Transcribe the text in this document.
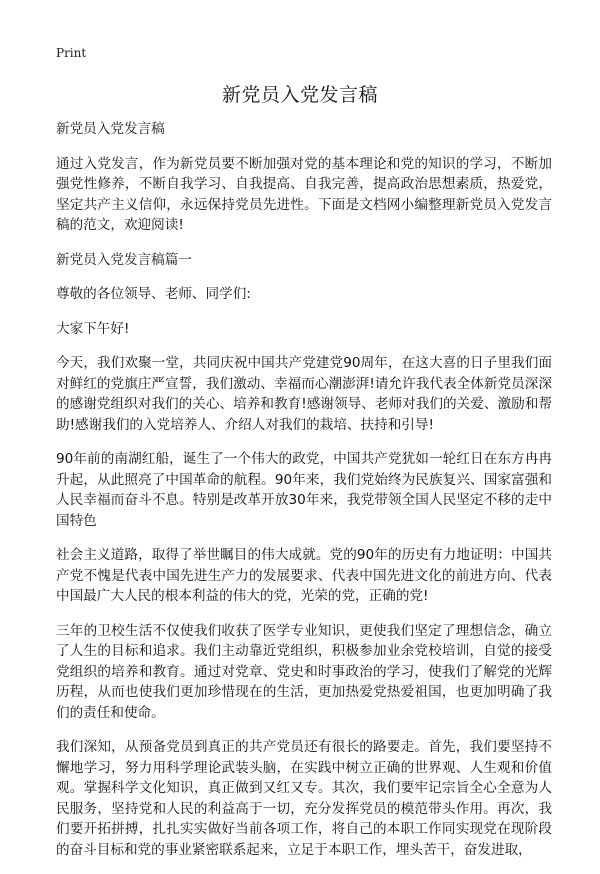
Print
新党员入党发言稿

新党员入党发言稿

通过入党发言，作为新党员要不断加强对党的基本理论和党的知识的学习，不断加强党性修养，不断自我学习、自我提高、自我完善，提高政治思想素质，热爱党，坚定共产主义信仰，永远保持党员先进性。下面是文档网小编整理新党员入党发言稿的范文，欢迎阅读!

新党员入党发言稿篇一

尊敬的各位领导、老师、同学们:

大家下午好!

今天，我们欢聚一堂，共同庆祝中国共产党建党90周年，在这大喜的日子里我们面对鲜红的党旗庄严宣誓，我们激动、幸福而心潮澎湃!请允许我代表全体新党员深深的感谢党组织对我们的关心、培养和教育!感谢领导、老师对我们的关爱、激励和帮助!感谢我们的入党培养人、介绍人对我们的栽培、扶持和引导!

90年前的南湖红船，诞生了一个伟大的政党，中国共产党犹如一轮红日在东方冉冉升起，从此照亮了中国革命的航程。90年来，我们党始终为民族复兴、国家富强和人民幸福而奋斗不息。特别是改革开放30年来，我党带领全国人民坚定不移的走中国特色

社会主义道路，取得了举世瞩目的伟大成就。党的90年的历史有力地证明：中国共产党不愧是代表中国先进生产力的发展要求、代表中国先进文化的前进方向、代表中国最广大人民的根本利益的伟大的党，光荣的党，正确的党!

三年的卫校生活不仅使我们收获了医学专业知识，更使我们坚定了理想信念，确立了人生的目标和追求。我们主动靠近党组织，积极参加业余党校培训，自觉的接受党组织的培养和教育。通过对党章、党史和时事政治的学习，使我们了解党的光辉历程，从而也使我们更加珍惜现在的生活，更加热爱党热爱祖国，也更加明确了我们的责任和使命。

我们深知，从预备党员到真正的共产党员还有很长的路要走。首先，我们要坚持不懈地学习，努力用科学理论武装头脑，在实践中树立正确的世界观、人生观和价值观。掌握科学文化知识，真正做到又红又专。其次，我们要牢记宗旨全心全意为人民服务，坚持党和人民的利益高于一切，充分发挥党员的模范带头作用。再次，我们要开拓拼搏，扎扎实实做好当前各项工作，将自己的本职工作同实现党在现阶段的奋斗目标和党的事业紧密联系起来，立足于本职工作，埋头苦干，奋发进取，
